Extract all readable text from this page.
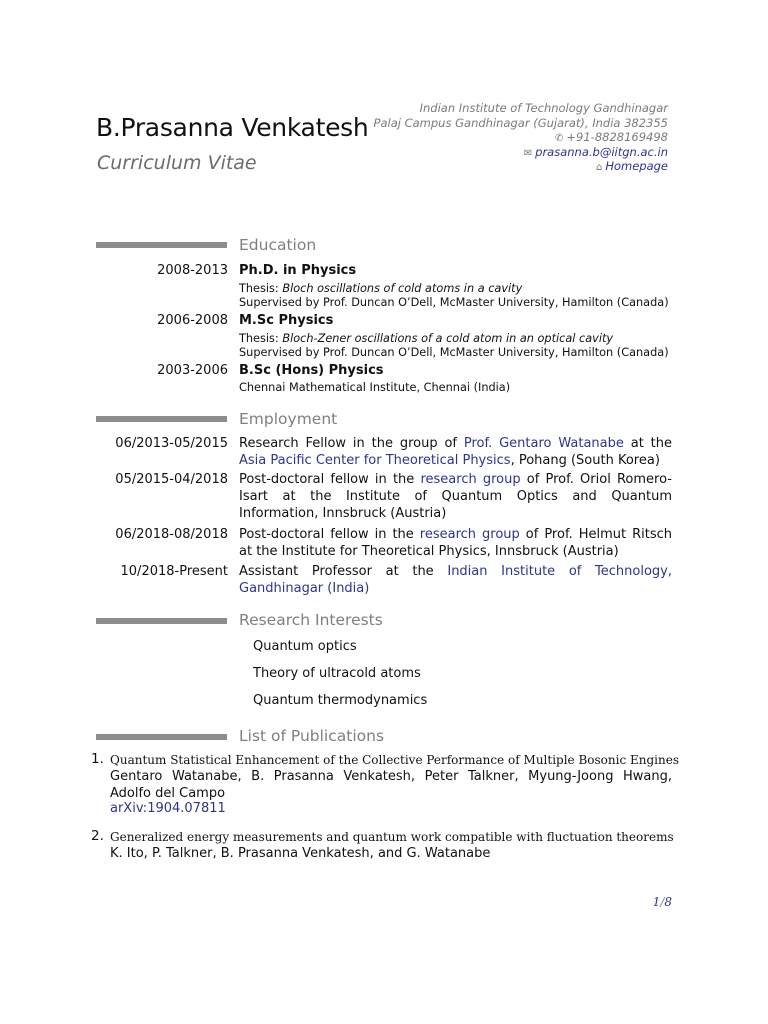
B.Prasanna Venkatesh
Curriculum Vitae
Indian Institute of Technology Gandhinagar
Palaj Campus Gandhinagar (Gujarat), India 382355
✆ +91-8828169498
✉ prasanna.b@iitgn.ac.in
⌂ Homepage
Education
2008-2013 Ph.D. in Physics
Thesis: Bloch oscillations of cold atoms in a cavity
Supervised by Prof. Duncan O’Dell, McMaster University, Hamilton (Canada)
2006-2008 M.Sc Physics
Thesis: Bloch-Zener oscillations of a cold atom in an optical cavity
Supervised by Prof. Duncan O’Dell, McMaster University, Hamilton (Canada)
2003-2006 B.Sc (Hons) Physics
Chennai Mathematical Institute, Chennai (India)
Employment
06/2013-05/2015 Research Fellow in the group of Prof. Gentaro Watanabe at the Asia Pacific Center for Theoretical Physics, Pohang (South Korea)
05/2015-04/2018 Post-doctoral fellow in the research group of Prof. Oriol Romero-Isart at the Institute of Quantum Optics and Quantum Information, Innsbruck (Austria)
06/2018-08/2018 Post-doctoral fellow in the research group of Prof. Helmut Ritsch at the Institute for Theoretical Physics, Innsbruck (Austria)
10/2018-Present Assistant Professor at the Indian Institute of Technology, Gandhinagar (India)
Research Interests
Quantum optics
Theory of ultracold atoms
Quantum thermodynamics
List of Publications
1. Quantum Statistical Enhancement of the Collective Performance of Multiple Bosonic Engines
Gentaro Watanabe, B. Prasanna Venkatesh, Peter Talkner, Myung-Joong Hwang, Adolfo del Campo
arXiv:1904.07811
2. Generalized energy measurements and quantum work compatible with fluctuation theorems
K. Ito, P. Talkner, B. Prasanna Venkatesh, and G. Watanabe
1/8
